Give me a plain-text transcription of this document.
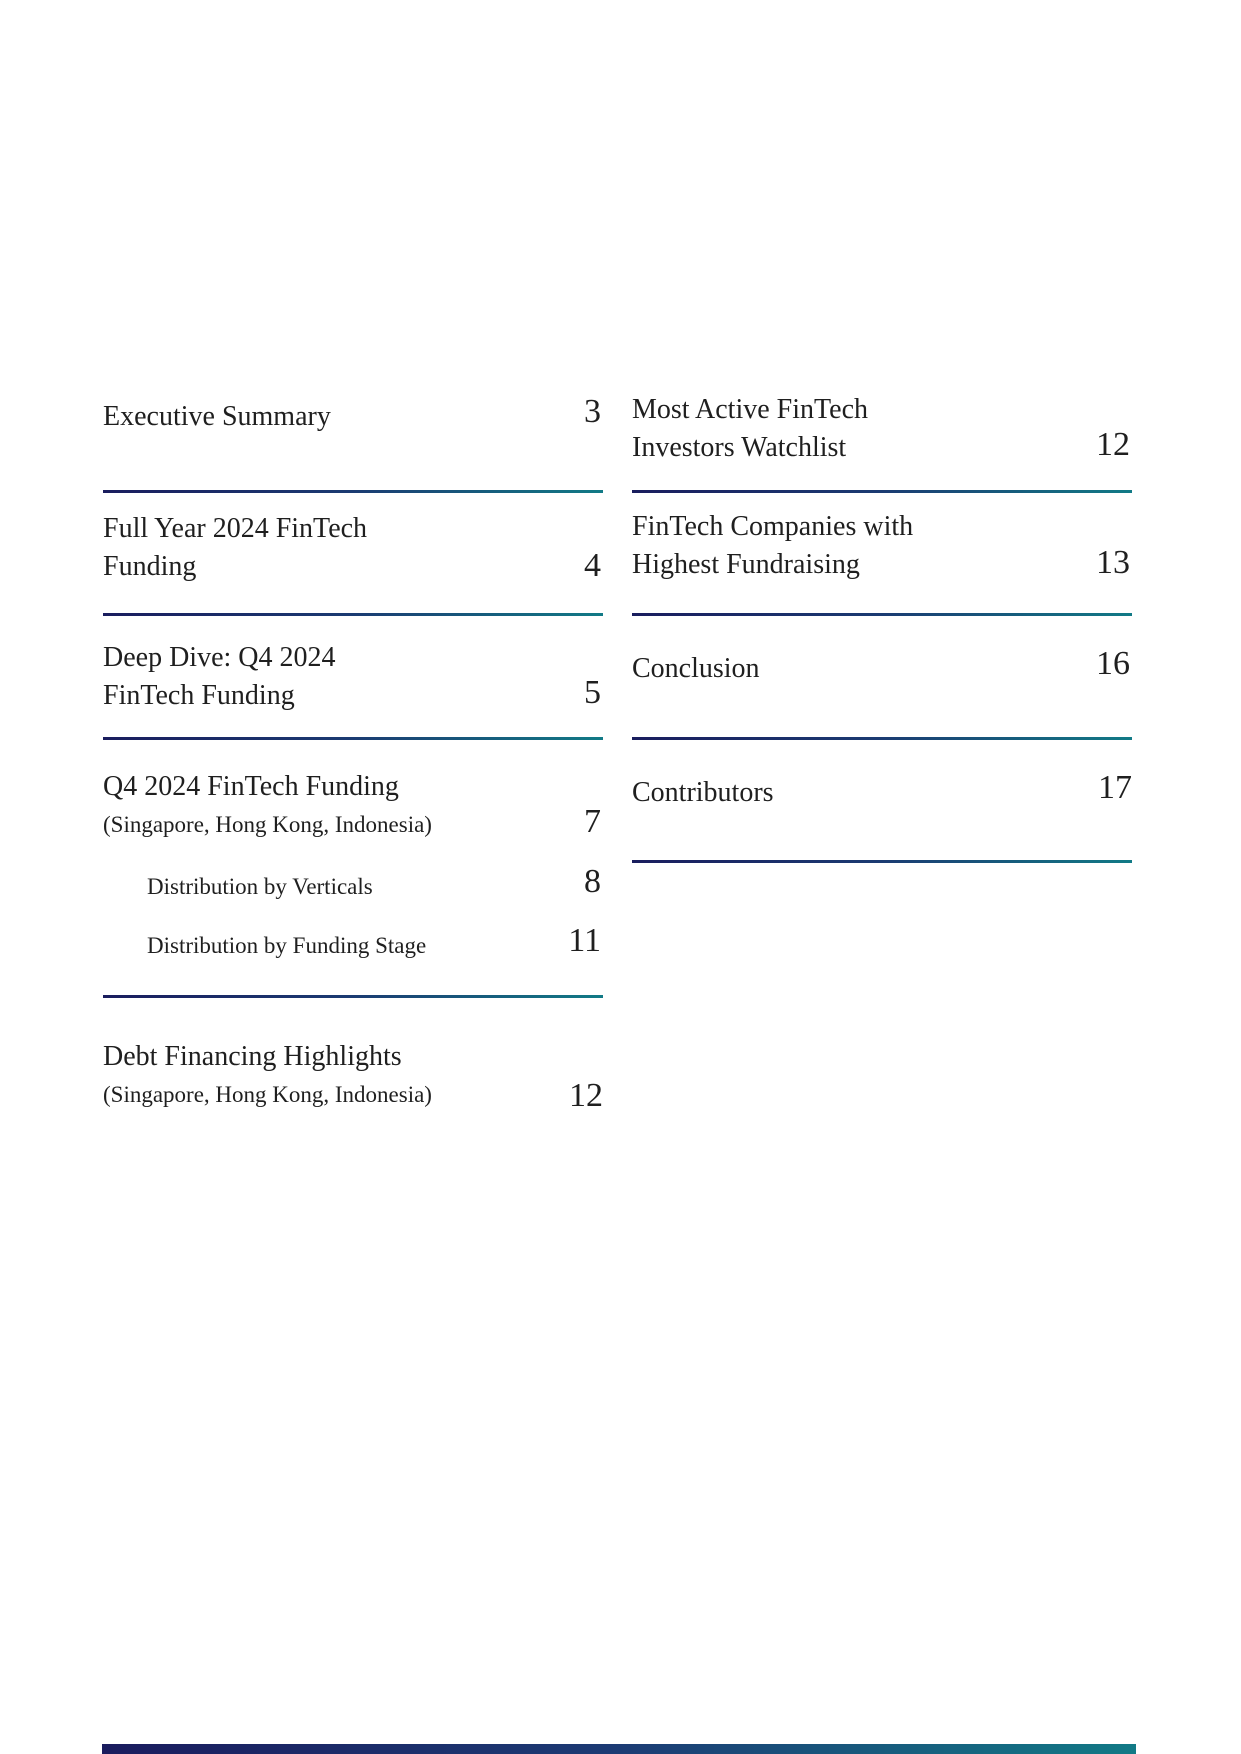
Executive Summary	3
Full Year 2024 FinTech
Funding	4
Deep Dive: Q4 2024
FinTech Funding	5
Q4 2024 FinTech Funding
(Singapore, Hong Kong, Indonesia)	7
Distribution by Verticals	8
Distribution by Funding Stage	11
Debt Financing Highlights
(Singapore, Hong Kong, Indonesia)	12
Most Active FinTech
Investors Watchlist	12
FinTech Companies with
Highest Fundraising	13
Conclusion	16
Contributors	17
